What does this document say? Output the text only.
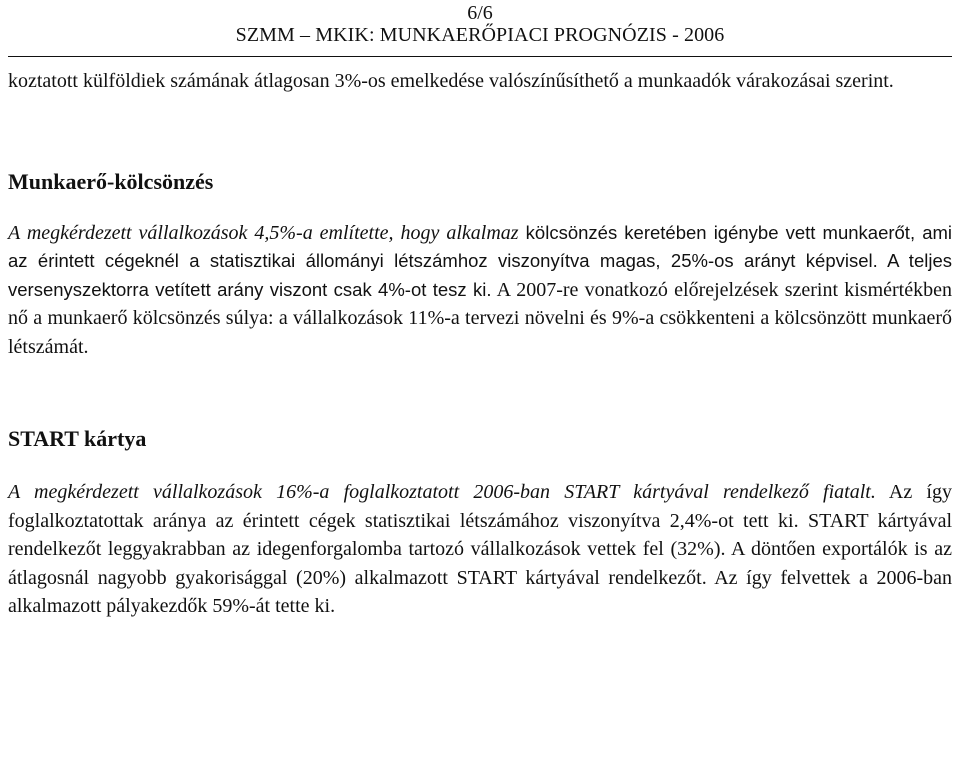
6/6
SZMM – MKIK: MUNKAERŐPIACI PROGNÓZIS - 2006

koztatott külföldiek számának átlagosan 3%-os emelkedése valószínűsíthető a munkaadók várakozásai szerint.

Munkaerő-kölcsönzés

A megkérdezett vállalkozások 4,5%-a említette, hogy alkalmaz kölcsönzés keretében igénybe vett munkaerőt, ami az érintett cégeknél a statisztikai állományi létszámhoz viszonyítva magas, 25%-os arányt képvisel. A teljes versenyszektorra vetített arány viszont csak 4%-ot tesz ki. A 2007-re vonatkozó előrejelzések szerint kismértékben nő a munkaerő kölcsönzés súlya: a vállalkozások 11%-a tervezi növelni és 9%-a csökkenteni a kölcsönzött munkaerő létszámát.

START kártya

A megkérdezett vállalkozások 16%-a foglalkoztatott 2006-ban START kártyával rendelkező fiatalt. Az így foglalkoztatottak aránya az érintett cégek statisztikai létszámához viszonyítva 2,4%-ot tett ki. START kártyával rendelkezőt leggyakrabban az idegenforgalomba tartozó vállalkozások vettek fel (32%). A döntően exportálók is az átlagosnál nagyobb gyakorisággal (20%) alkalmazott START kártyával rendelkezőt. Az így felvettek a 2006-ban alkalmazott pályakezdők 59%-át tette ki.
